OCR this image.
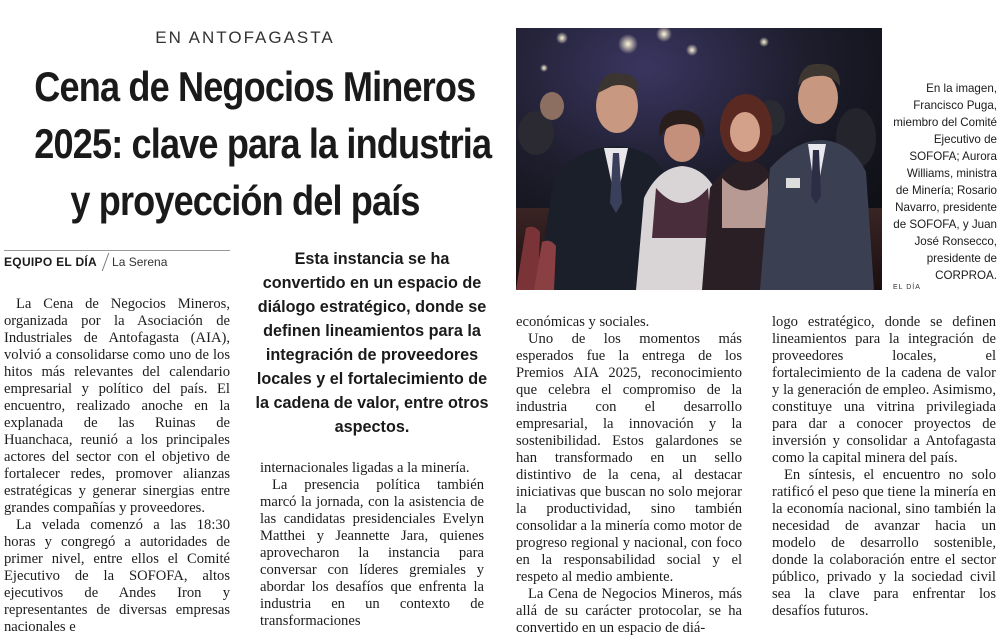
EN ANTOFAGASTA
Cena de Negocios Mineros
2025: clave para la industria
y proyección del país
EQUIPO EL DÍA La Serena

La Cena de Negocios Mineros, organizada por la Asociación de Industriales de Antofagasta (AIA), volvió a consolidarse como uno de los hitos más relevantes del calendario empresarial y político del país. El encuentro, realizado anoche en la explanada de las Ruinas de Huanchaca, reunió a los principales actores del sector con el objetivo de fortalecer redes, promover alianzas estratégicas y generar sinergias entre grandes compañías y proveedores.

La velada comenzó a las 18:30 horas y congregó a autoridades de primer nivel, entre ellos el Comité Ejecutivo de la SOFOFA, altos ejecutivos de Andes Iron y representantes de diversas empresas nacionales e

Esta instancia se ha convertido en un espacio de diálogo estratégico, donde se definen lineamientos para la integración de proveedores locales y el fortalecimiento de la cadena de valor, entre otros aspectos.

internacionales ligadas a la minería.

La presencia política también marcó la jornada, con la asistencia de las candidatas presidenciales Evelyn Matthei y Jeannette Jara, quienes aprovecharon la instancia para conversar con líderes gremiales y abordar los desafíos que enfrenta la industria en un contexto de transformaciones

económicas y sociales.

Uno de los momentos más esperados fue la entrega de los Premios AIA 2025, reconocimiento que celebra el compromiso de la industria con el desarrollo empresarial, la innovación y la sostenibilidad. Estos galardones se han transformado en un sello distintivo de la cena, al destacar iniciativas que buscan no solo mejorar la productividad, sino también consolidar a la minería como motor de progreso regional y nacional, con foco en la responsabilidad social y el respeto al medio ambiente.

La Cena de Negocios Mineros, más allá de su carácter protocolar, se ha convertido en un espacio de diá-

logo estratégico, donde se definen lineamientos para la integración de proveedores locales, el fortalecimiento de la cadena de valor y la generación de empleo. Asimismo, constituye una vitrina privilegiada para dar a conocer proyectos de inversión y consolidar a Antofagasta como la capital minera del país.

En síntesis, el encuentro no solo ratificó el peso que tiene la minería en la economía nacional, sino también la necesidad de avanzar hacia un modelo de desarrollo sostenible, donde la colaboración entre el sector público, privado y la sociedad civil sea la clave para enfrentar los desafíos futuros.

En la imagen, Francisco Puga, miembro del Comité Ejecutivo de SOFOFA; Aurora Williams, ministra de Minería; Rosario Navarro, presidente de SOFOFA, y Juan José Ronsecco, presidente de CORPROA.
EL DÍA
